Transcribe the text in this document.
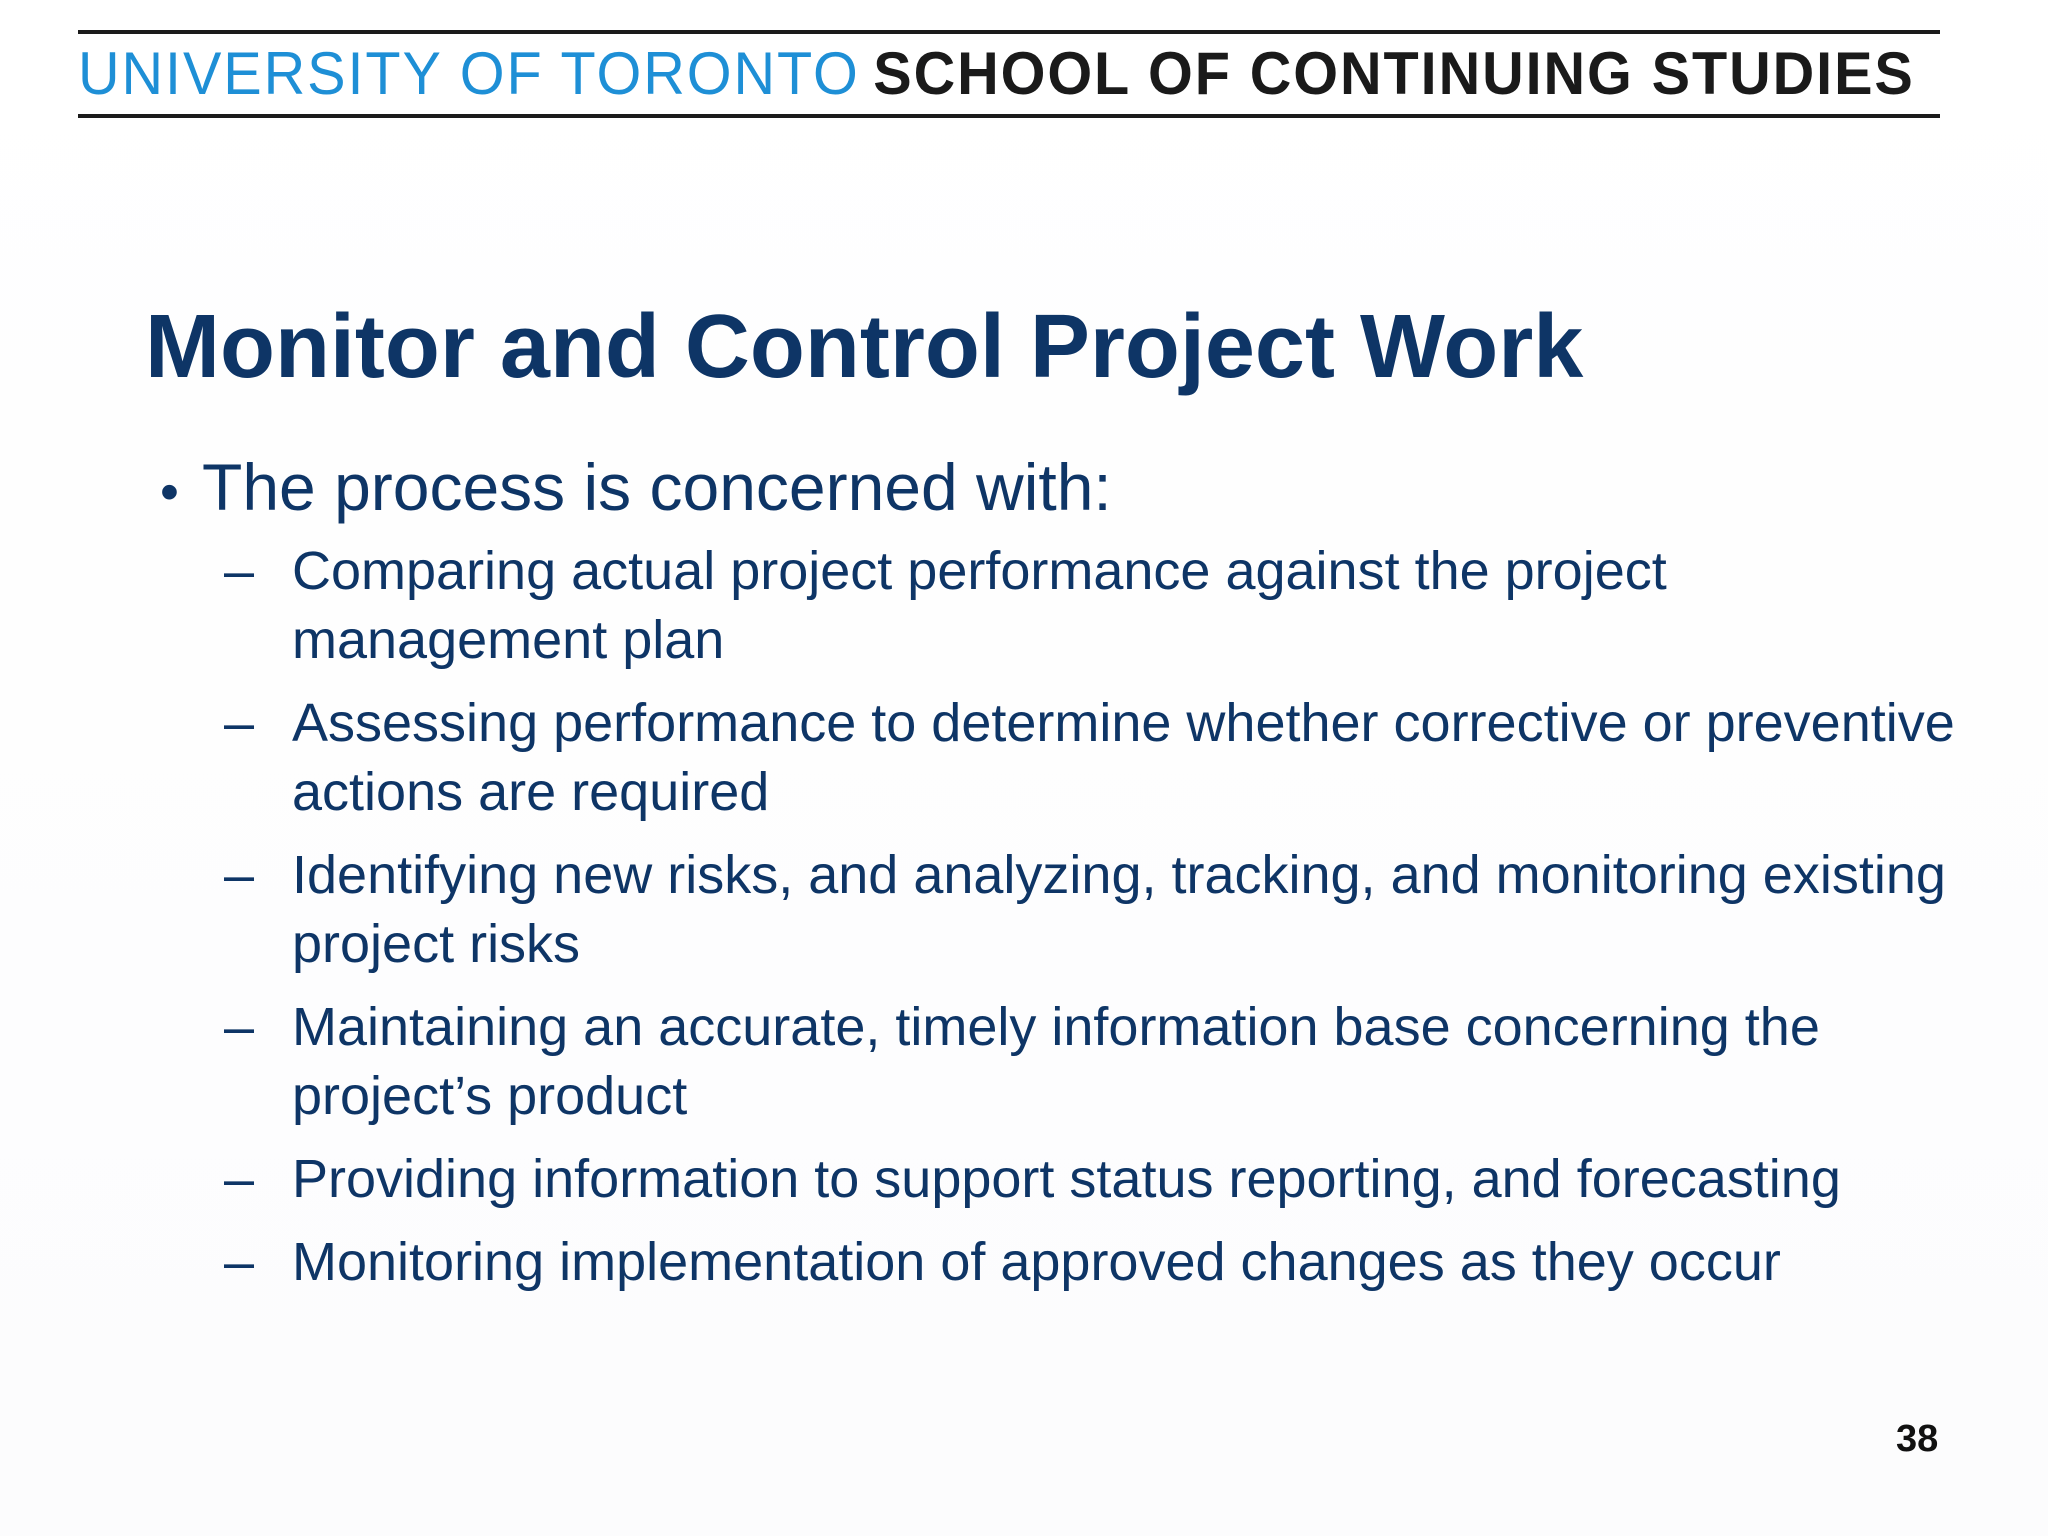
UNIVERSITY OF TORONTO SCHOOL OF CONTINUING STUDIES
Monitor and Control Project Work
• The process is concerned with:
– Comparing actual project performance against the project management plan
– Assessing performance to determine whether corrective or preventive actions are required
– Identifying new risks, and analyzing, tracking, and monitoring existing project risks
– Maintaining an accurate, timely information base concerning the project’s product
– Providing information to support status reporting, and forecasting
– Monitoring implementation of approved changes as they occur
38
